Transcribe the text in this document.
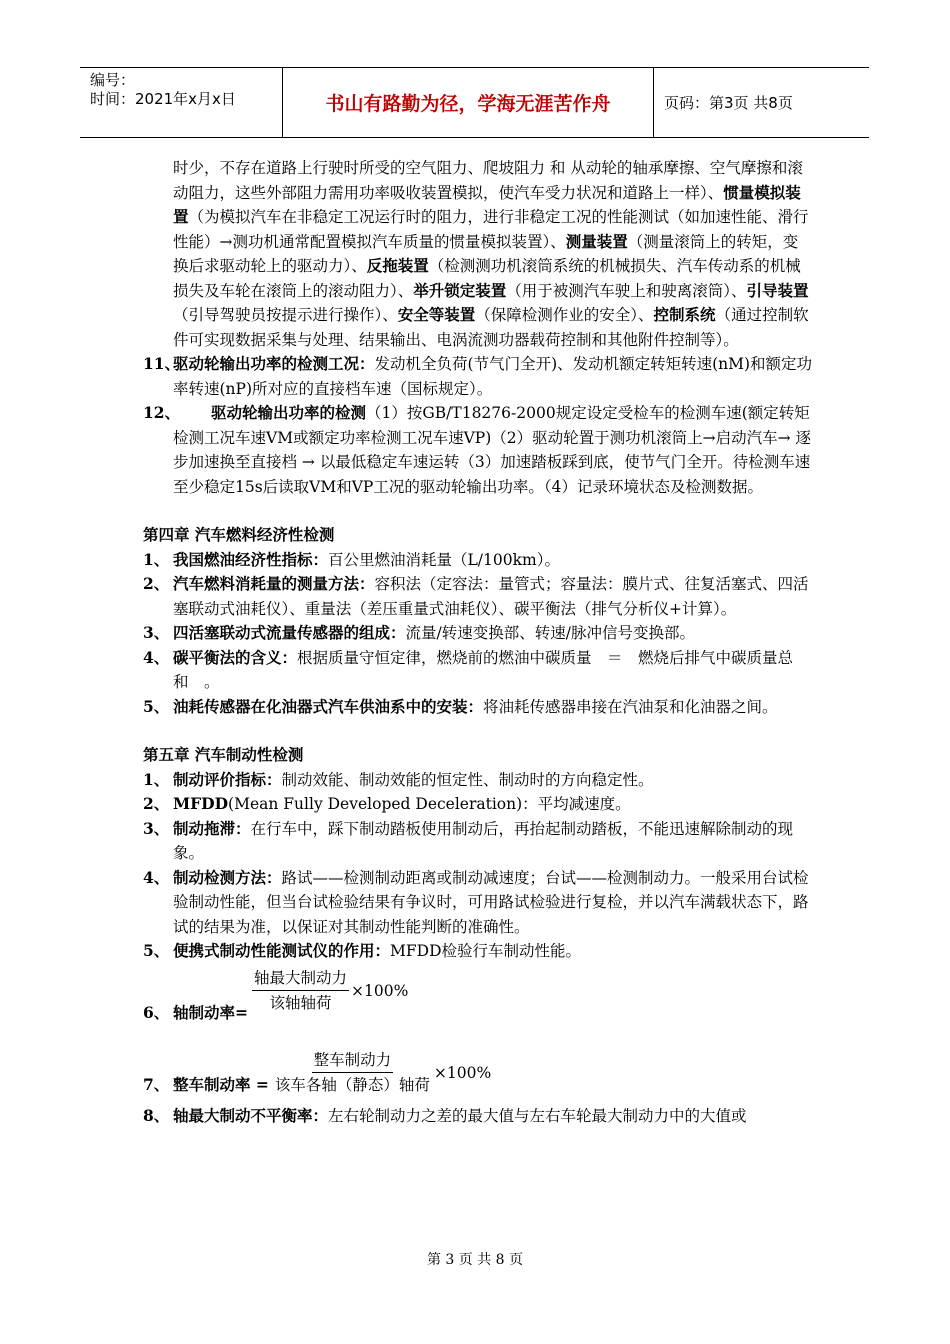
编号：
时间：2021年x月x日	书山有路勤为径，学海无涯苦作舟	页码：第3页 共8页

时少，不存在道路上行驶时所受的空气阻力、爬坡阻力 和 从动轮的轴承摩擦、空气摩擦和滚动阻力，这些外部阻力需用功率吸收装置模拟，使汽车受力状况和道路上一样）、惯量模拟装置（为模拟汽车在非稳定工况运行时的阻力，进行非稳定工况的性能测试（如加速性能、滑行性能）→测功机通常配置模拟汽车质量的惯量模拟装置）、测量装置（测量滚筒上的转矩，变换后求驱动轮上的驱动力）、反拖装置（检测测功机滚筒系统的机械损失、汽车传动系的机械损失及车轮在滚筒上的滚动阻力）、举升锁定装置（用于被测汽车驶上和驶离滚筒）、引导装置（引导驾驶员按提示进行操作）、安全等装置（保障检测作业的安全）、控制系统（通过控制软件可实现数据采集与处理、结果输出、电涡流测功器载荷控制和其他附件控制等）。

11、
驱动轮输出功率的检测工况：发动机全负荷(节气门全开)、发动机额定转矩转速(nM)和额定功率转速(nP)所对应的直接档车速（国标规定）。
12、	驱动轮输出功率的检测（1）按GB/T18276-2000规定设定受检车的检测车速(额定转矩检测工况车速VM或额定功率检测工况车速VP)（2）驱动轮置于测功机滚筒上→启动汽车→ 逐步加速换至直接档 → 以最低稳定车速运转（3）加速踏板踩到底，使节气门全开。待检测车速至少稳定15s后读取VM和VP工况的驱动轮输出功率。（4）记录环境状态及检测数据。

第四章 汽车燃料经济性检测

1、 我国燃油经济性指标：百公里燃油消耗量（L/100km）。
2、 汽车燃料消耗量的测量方法：容积法（定容法：量管式；容量法：膜片式、往复活塞式、四活塞联动式油耗仪）、重量法（差压重量式油耗仪）、碳平衡法（排气分析仪+计算）。
3、 四活塞联动式流量传感器的组成：流量/转速变换部、转速/脉冲信号变换部。
4、 碳平衡法的含义：根据质量守恒定律，燃烧前的燃油中碳质量　＝　燃烧后排气中碳质量总和　。
5、 油耗传感器在化油器式汽车供油系中的安装：将油耗传感器串接在汽油泵和化油器之间。

第五章 汽车制动性检测

1、 制动评价指标：制动效能、制动效能的恒定性、制动时的方向稳定性。
2、 MFDD(Mean Fully Developed Deceleration)：平均减速度。
3、 制动拖滞：在行车中，踩下制动踏板使用制动后，再抬起制动踏板，不能迅速解除制动的现象。
4、 制动检测方法：路试——检测制动距离或制动减速度；台试——检测制动力。一般采用台试检验制动性能，但当台试检验结果有争议时，可用路试检验进行复检，并以汽车满载状态下，路试的结果为准，以保证对其制动性能判断的准确性。
5、 便携式制动性能测试仪的作用：MFDD检验行车制动性能。
6、 轴制动率= $\frac{\text{轴最大制动力}}{\text{该轴轴荷}} \times 100\%$
7、 整车制动率 = $\frac{\text{整车制动力}}{\text{该车各轴（静态）轴荷}} \times 100\%$
8、 轴最大制动不平衡率：左右轮制动力之差的最大值与左右车轮最大制动力中的大值或
第 3 页 共 8 页
